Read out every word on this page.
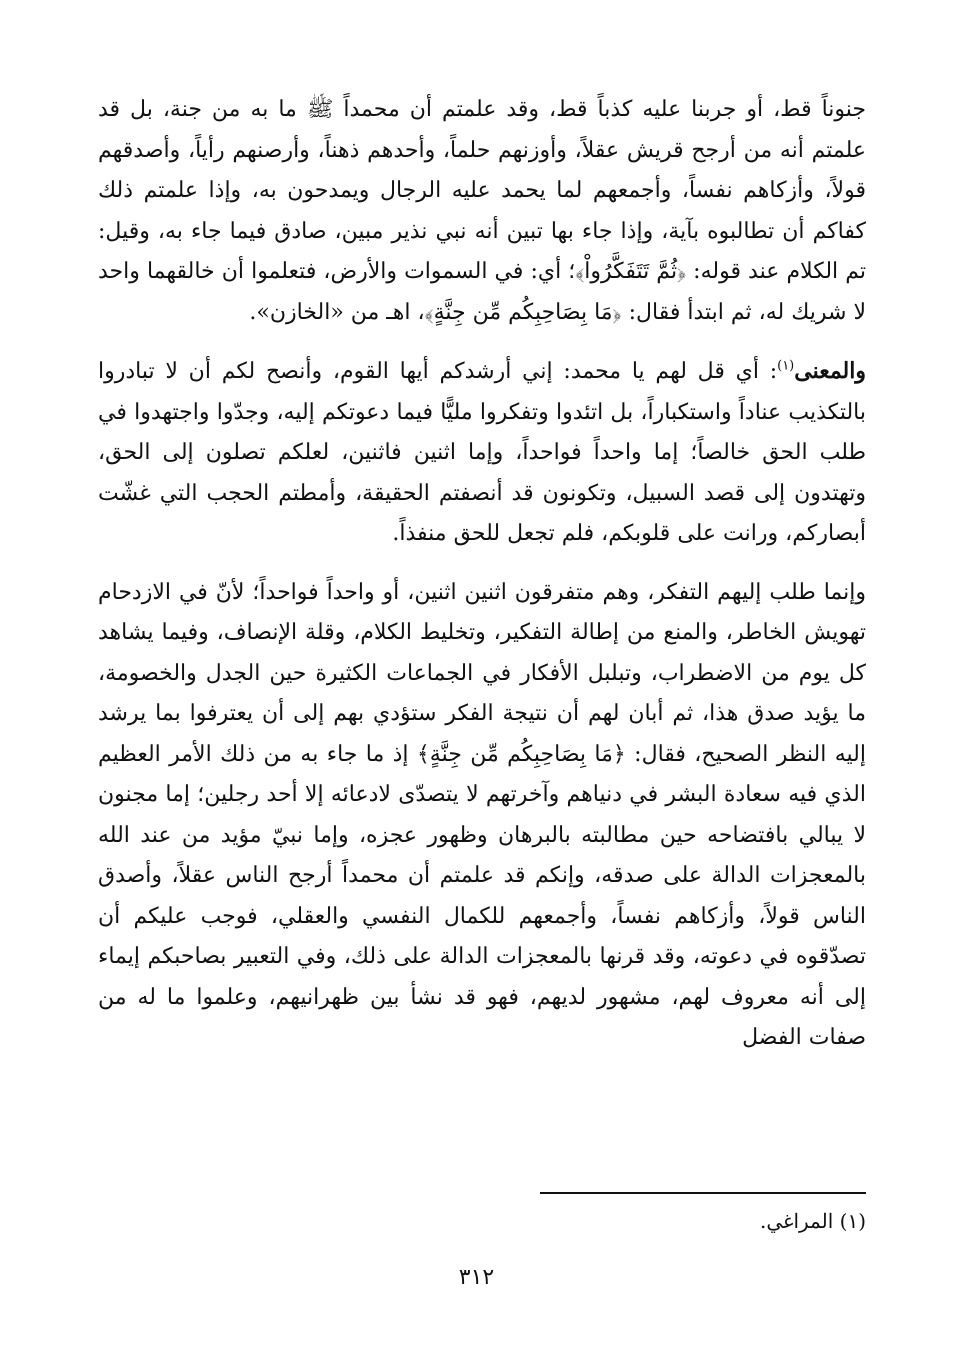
جنوناً قط، أو جربنا عليه كذباً قط، وقد علمتم أن محمداً ﷺ ما به من جنة، بل قد علمتم أنه من أرجح قريش عقلاً، وأوزنهم حلماً، وأحدهم ذهناً، وأرصنهم رأياً، وأصدقهم قولاً، وأزكاهم نفساً، وأجمعهم لما يحمد عليه الرجال ويمدحون به، وإذا علمتم ذلك كفاكم أن تطالبوه بآية، وإذا جاء بها تبين أنه نبي نذير مبين، صادق فيما جاء به، وقيل: تم الكلام عند قوله: ﴿ثُمَّ تَتَفَكَّرُواْ﴾؛ أي: في السموات والأرض، فتعلموا أن خالقهما واحد لا شريك له، ثم ابتدأ فقال: ﴿مَا بِصَاحِبِكُم مِّن جِنَّةٍ﴾، اهـ من «الخازن».

والمعنى$^{(١)}$: أي قل لهم يا محمد: إني أرشدكم أيها القوم، وأنصح لكم أن لا تبادروا بالتكذيب عناداً واستكباراً، بل اتئدوا وتفكروا مليًّا فيما دعوتكم إليه، وجدّوا واجتهدوا في طلب الحق خالصاً؛ إما واحداً فواحداً، وإما اثنين فاثنين، لعلكم تصلون إلى الحق، وتهتدون إلى قصد السبيل، وتكونون قد أنصفتم الحقيقة، وأمطتم الحجب التي غشّت أبصاركم، ورانت على قلوبكم، فلم تجعل للحق منفذاً.

وإنما طلب إليهم التفكر، وهم متفرقون اثنين اثنين، أو واحداً فواحداً؛ لأنّ في الازدحام تهويش الخاطر، والمنع من إطالة التفكير، وتخليط الكلام، وقلة الإنصاف، وفيما يشاهد كل يوم من الاضطراب، وتبلبل الأفكار في الجماعات الكثيرة حين الجدل والخصومة، ما يؤيد صدق هذا، ثم أبان لهم أن نتيجة الفكر ستؤدي بهم إلى أن يعترفوا بما يرشد إليه النظر الصحيح، فقال: ﴿مَا بِصَاحِبِكُم مِّن جِنَّةٍ﴾ إذ ما جاء به من ذلك الأمر العظيم الذي فيه سعادة البشر في دنياهم وآخرتهم لا يتصدّى لادعائه إلا أحد رجلين؛ إما مجنون لا يبالي بافتضاحه حين مطالبته بالبرهان وظهور عجزه، وإما نبيّ مؤيد من عند الله بالمعجزات الدالة على صدقه، وإنكم قد علمتم أن محمداً أرجح الناس عقلاً، وأصدق الناس قولاً، وأزكاهم نفساً، وأجمعهم للكمال النفسي والعقلي، فوجب عليكم أن تصدّقوه في دعوته، وقد قرنها بالمعجزات الدالة على ذلك، وفي التعبير بصاحبكم إيماء إلى أنه معروف لهم، مشهور لديهم، فهو قد نشأ بين ظهرانيهم، وعلموا ما له من صفات الفضل

(١) المراغي.

٣١٢
